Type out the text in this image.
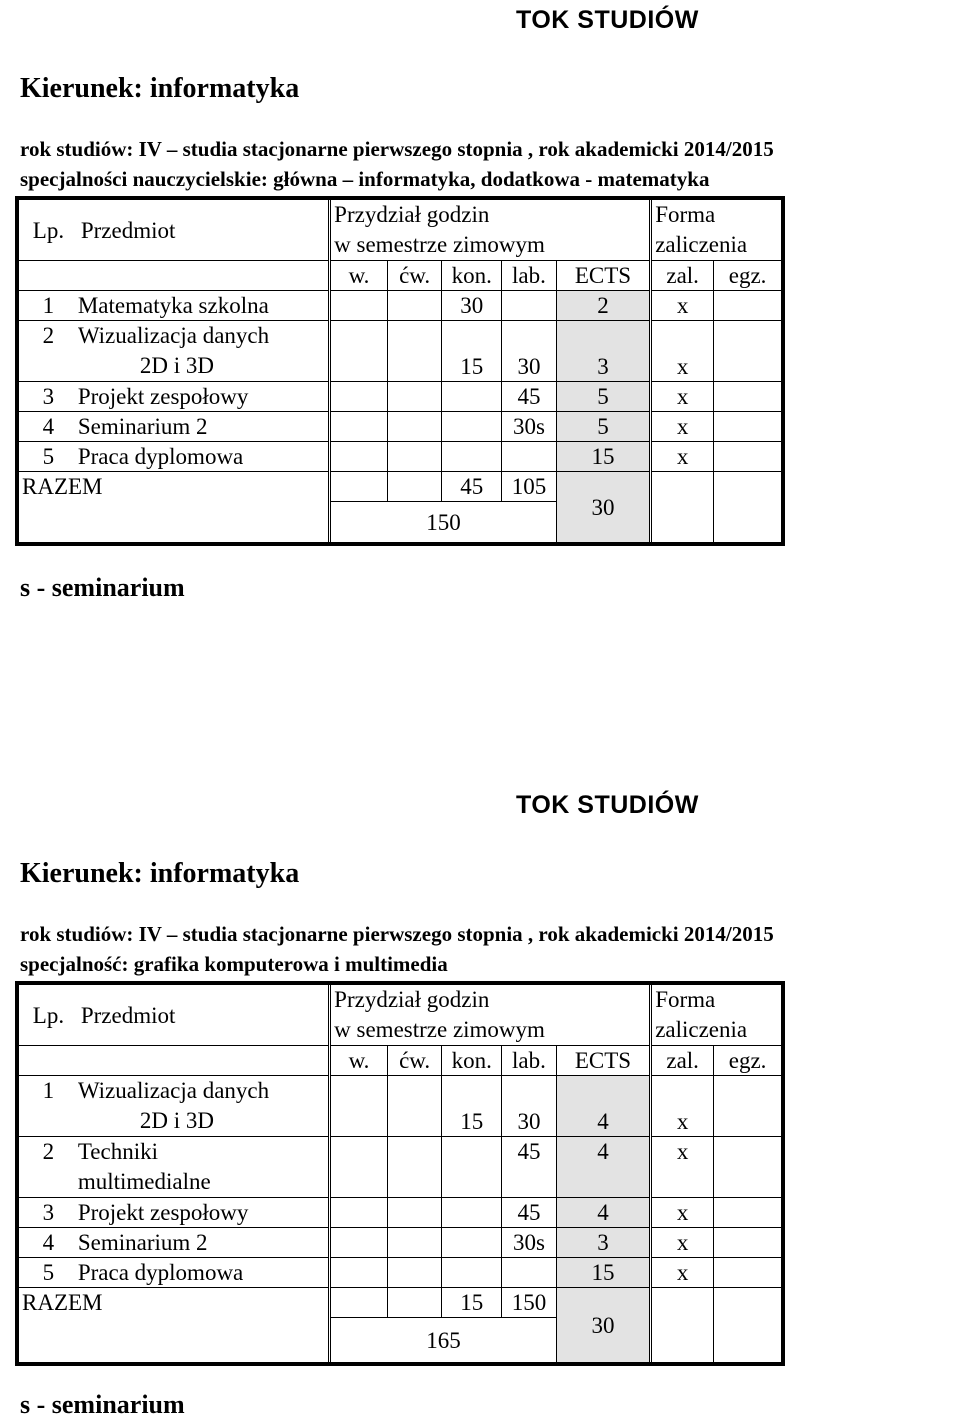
TOK STUDIÓW
Kierunek: informatyka
rok studiów: IV – studia stacjonarne pierwszego stopnia , rok akademicki 2014/2015
specjalności nauczycielskie: główna – informatyka, dodatkowa - matematyka
Lp.	Przedmiot	Przydział godzin
w semestrze zimowym					Forma
zaliczenia	

		w.	ćw.	kon.	lab.	ECTS	zal.	egz.
1	Matematyka szkolna			30		2	x	
2	Wizualizacja danych
2D i 3D			15	30	3	x	
3	Projekt zespołowy				45	5	x	
4	Seminarium 2				30s	5	x	
5	Praca dyplomowa					15	x	
RAZEM				45	105	30		
		150						
s - seminarium
TOK STUDIÓW
Kierunek: informatyka
rok studiów: IV – studia stacjonarne pierwszego stopnia , rok akademicki 2014/2015
specjalność: grafika komputerowa i multimedia
Lp.	Przedmiot	Przydział godzin
w semestrze zimowym					Forma
zaliczenia	

		w.	ćw.	kon.	lab.	ECTS	zal.	egz.
1	Wizualizacja danych
2D i 3D			15	30	4	x	
2	Techniki
multimedialne				45	4	x	
3	Projekt zespołowy				45	4	x	
4	Seminarium 2				30s	3	x	
5	Praca dyplomowa					15	x	
RAZEM				15	150	30		
		165						
s - seminarium
